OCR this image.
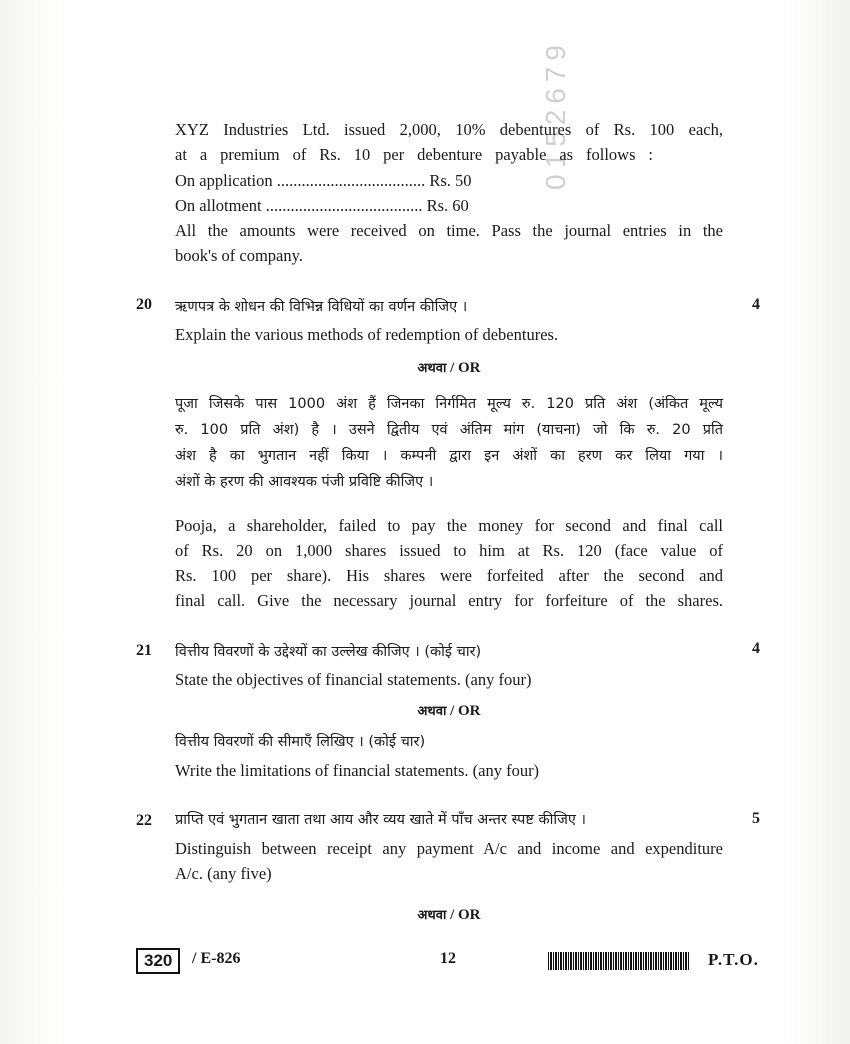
0152679
XYZ Industries Ltd. issued 2,000, 10% debentures of Rs. 100 each,
at a premium of Rs. 10 per debenture payable as follows :
On application .................................... Rs. 50
On allotment ...................................... Rs. 60
All the amounts were received on time. Pass the journal entries in the
book's of company.
20	4
ऋणपत्र के शोधन की विभिन्न विधियों का वर्णन कीजिए ।
Explain the various methods of redemption of debentures.
अथवा / OR
पूजा जिसके पास 1000 अंश हैं जिनका निर्गमित मूल्य रु. 120 प्रति अंश (अंकित मूल्य
रु. 100 प्रति अंश) है । उसने द्वितीय एवं अंतिम मांग (याचना) जो कि रु. 20 प्रति
अंश है का भुगतान नहीं किया । कम्पनी द्वारा इन अंशों का हरण कर लिया गया ।
अंशों के हरण की आवश्यक पंजी प्रविष्टि कीजिए ।
Pooja, a shareholder, failed to pay the money for second and final call
of Rs. 20 on 1,000 shares issued to him at Rs. 120 (face value of
Rs. 100 per share). His shares were forfeited after the second and
final call. Give the necessary journal entry for forfeiture of the shares.
21	4
वित्तीय विवरणों के उद्देश्यों का उल्लेख कीजिए । (कोई चार)
State the objectives of financial statements. (any four)
अथवा / OR
वित्तीय विवरणों की सीमाएँ लिखिए । (कोई चार)
Write the limitations of financial statements. (any four)
22	5
प्राप्ति एवं भुगतान खाता तथा आय और व्यय खाते में पाँच अन्तर स्पष्ट कीजिए ।
Distinguish between receipt any payment A/c and income and expenditure
A/c. (any five)
अथवा / OR
320	/ E-826	12	P.T.O.
